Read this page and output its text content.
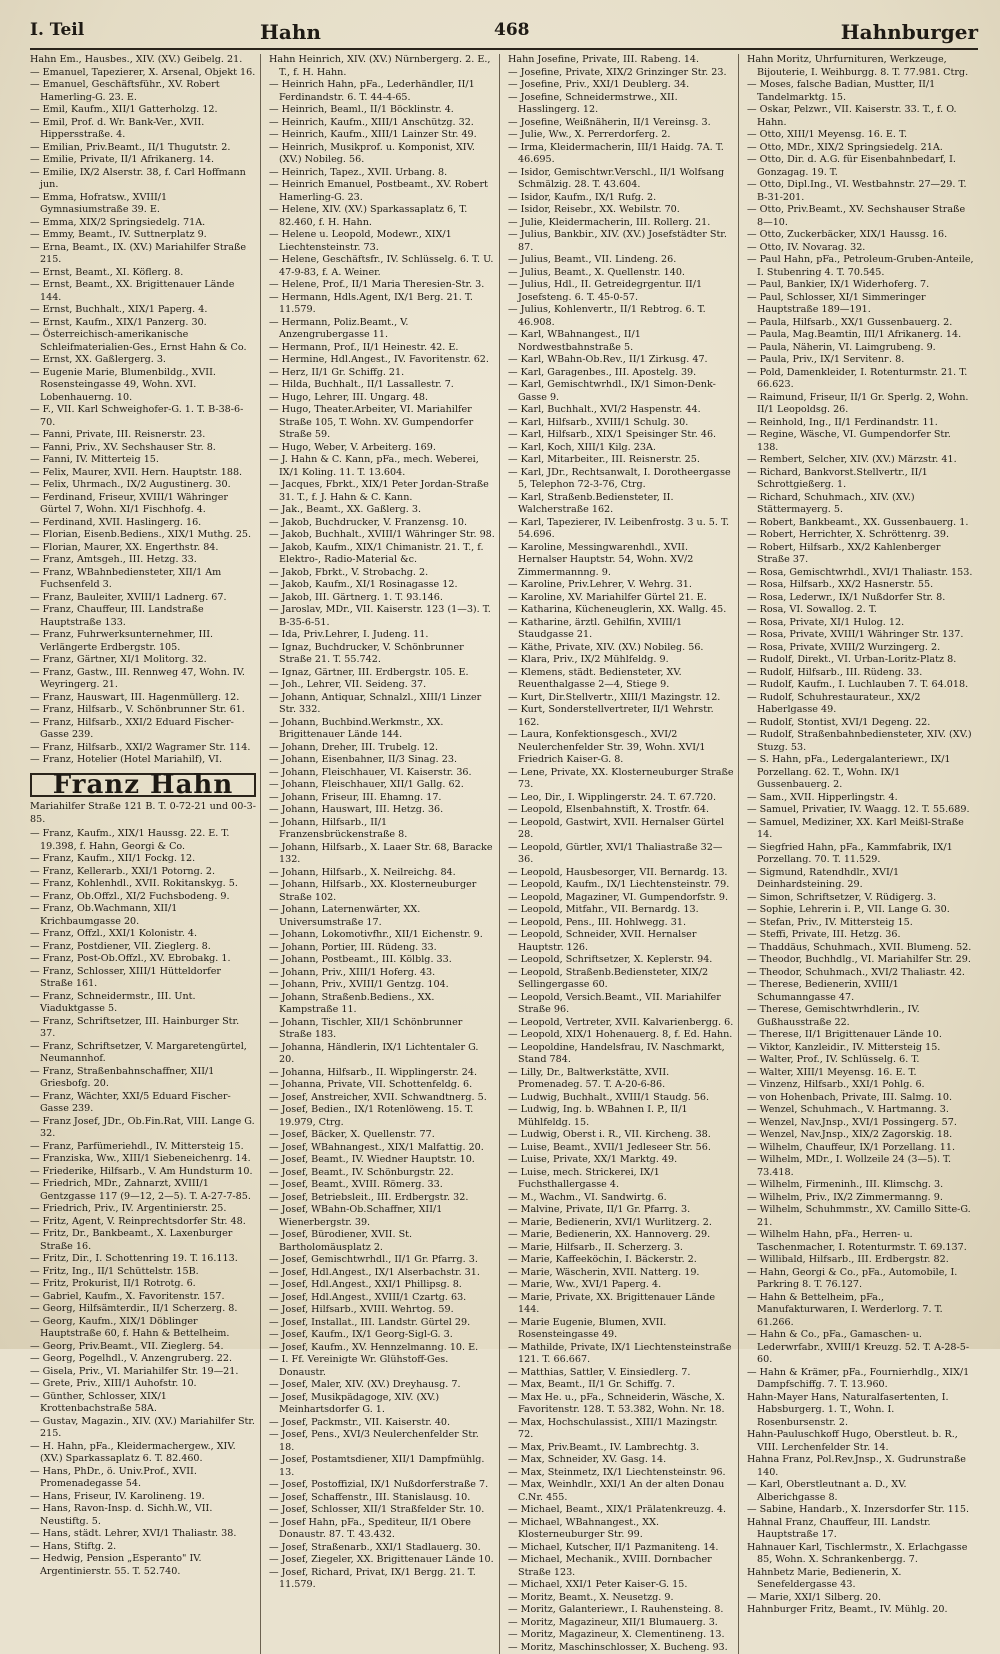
I. Teil	Hahn	468	Hahnburger

Hahn Em., Hausbes., XIV. (XV.) Geibelg. 21.

— Emanuel, Tapezierer, X. Arsenal, Objekt 16.

— Emanuel, Geschäftsführ., XV. Robert Hamerling-G. 23. E.

— Emil, Kaufm., XII/1 Gatterholzg. 12.

— Emil, Prof. d. Wr. Bank-Ver., XVII. Hippersstraße. 4.

— Emilian, Priv.Beamt., II/1 Thugutstr. 2.

— Emilie, Private, II/1 Afrikanerg. 14.

— Emilie, IX/2 Alserstr. 38, f. Carl Hoffmann jun.

— Emma, Hofratsw., XVIII/1 Gymnasiumstraße 39. E.

— Emma, XIX/2 Springsiedelg. 71A.

— Emmy, Beamt., IV. Suttnerplatz 9.

— Erna, Beamt., IX. (XV.) Mariahilfer Straße 215.

— Ernst, Beamt., XI. Köflerg. 8.

— Ernst, Beamt., XX. Brigittenauer Lände 144.

— Ernst, Buchhalt., XIX/1 Paperg. 4.

— Ernst, Kaufm., XIX/1 Panzerg. 30.

— Österreichisch-amerikanische Schleifmaterialien-Ges., Ernst Hahn & Co.

— Ernst, XX. Gaßlergerg. 3.

— Eugenie Marie, Blumenbildg., XVII. Rosensteingasse 49, Wohn. XVI. Lobenhauerng. 10.

— F., VII. Karl Schweighofer-G. 1. T. B-38-6-70.

— Fanni, Private, III. Reisnerstr. 23.

— Fanni, Priv., XV. Sechshauser Str. 8.

— Fanni, IV. Mitterteig 15.

— Felix, Maurer, XVII. Hern. Hauptstr. 188.

— Felix, Uhrmach., IX/2 Augustinerg. 30.

— Ferdinand, Friseur, XVIII/1 Währinger Gürtel 7, Wohn. XI/1 Fischhofg. 4.

— Ferdinand, XVII. Haslingerg. 16.

— Florian, Eisenb.Bediens., XIX/1 Muthg. 25.

— Florian, Maurer, XX. Engerthstr. 84.

— Franz, Amtsgeh., III. Hetzg. 33.

— Franz, WBahnbediensteter, XII/1 Am Fuchsenfeld 3.

— Franz, Bauleiter, XVIII/1 Ladnerg. 67.

— Franz, Chauffeur, III. Landstraße Hauptstraße 133.

— Franz, Fuhrwerksunternehmer, III. Verlängerte Erdbergstr. 105.

— Franz, Gärtner, XI/1 Molitorg. 32.

— Franz, Gastw., III. Rennweg 47, Wohn. IV. Weyringerg. 21.

— Franz, Hauswart, III. Hagenmüllerg. 12.

— Franz, Hilfsarb., V. Schönbrunner Str. 61.

— Franz, Hilfsarb., XXI/2 Eduard Fischer-Gasse 239.

— Franz, Hilfsarb., XXI/2 Wagramer Str. 114.

— Franz, Hotelier (Hotel Mariahilf), VI.

Franz Hahn
Mariahilfer Straße 121 B. T. 0-72-21 und 00-3-85.

— Franz, Kaufm., XIX/1 Haussg. 22. E. T. 19.398, f. Hahn, Georgi & Co.

— Franz, Kaufm., XII/1 Fockg. 12.

— Franz, Kellerarb., XXI/1 Potorng. 2.

— Franz, Kohlenhdl., XVII. Rokitanskyg. 5.

— Franz, Ob.Offzl., XI/2 Fuchsbodeng. 9.

— Franz, Ob.Wachmann, XII/1 Krichbaumgasse 20.

— Franz, Offzl., XXI/1 Kolonistr. 4.

— Franz, Postdiener, VII. Zieglerg. 8.

— Franz, Post-Ob.Offzl., XV. Ebrobakg. 1.

— Franz, Schlosser, XIII/1 Hütteldorfer Straße 161.

— Franz, Schneidermstr., III. Unt. Viaduktgasse 5.

— Franz, Schriftsetzer, III. Hainburger Str. 37.

— Franz, Schriftsetzer, V. Margaretengürtel, Neumannhof.

— Franz, Straßenbahnschaffner, XII/1 Griesbofg. 20.

— Franz, Wächter, XXI/5 Eduard Fischer-Gasse 239.

— Franz Josef, JDr., Ob.Fin.Rat, VIII. Lange G. 32.

— Franz, Parfümeriehdl., IV. Mittersteig 15.

— Franziska, Ww., XIII/1 Siebeneichenrg. 14.

— Friederike, Hilfsarb., V. Am Hundsturm 10.

— Friedrich, MDr., Zahnarzt, XVIII/1 Gentzgasse 117 (9—12, 2—5). T. A-27-7-85.

— Friedrich, Priv., IV. Argentinierstr. 25.

— Fritz, Agent, V. Reinprechtsdorfer Str. 48.

— Fritz, Dr., Bankbeamt., X. Laxenburger Straße 16.

— Fritz, Dir., I. Schottenring 19. T. 16.113.

— Fritz, Ing., II/1 Schüttelstr. 15B.

— Fritz, Prokurist, II/1 Rotrotg. 6.

— Gabriel, Kaufm., X. Favoritenstr. 157.

— Georg, Hilfsämterdir., II/1 Scherzerg. 8.

— Georg, Kaufm., XIX/1 Döblinger Hauptstraße 60, f. Hahn & Bettelheim.

— Georg, Priv.Beamt., VII. Zieglerg. 54.

— Georg, Pogelhdl., V. Anzengruberg. 22.

— Gisela, Priv., VI. Mariahilfer Str. 19—21.

— Grete, Priv., XIII/1 Auhofstr. 10.

— Günther, Schlosser, XIX/1 Krottenbachstraße 58A.

— Gustav, Magazin., XIV. (XV.) Mariahilfer Str. 215.

— H. Hahn, pFa., Kleidermachergew., XIV. (XV.) Sparkassaplatz 6. T. 82.460.

— Hans, PhDr., ö. Univ.Prof., XVII. Promenadegasse 54.

— Hans, Friseur, IV. Karolineng. 19.

— Hans, Ravon-Insp. d. Sichh.W., VII. Neustiftg. 5.

— Hans, städt. Lehrer, XVI/1 Thaliastr. 38.

— Hans, Stiftg. 2.

— Hedwig, Pension „Esperanto" IV. Argentinierstr. 55. T. 52.740.

Hahn Heinrich, XIV. (XV.) Nürnbergerg. 2. E., T., f. H. Hahn.

— Heinrich Hahn, pFa., Lederhändler, II/1 Ferdinandstr. 6. T. 44-4-65.

— Heinrich, Beaml., II/1 Böcklinstr. 4.

— Heinrich, Kaufm., XIII/1 Anschützg. 32.

— Heinrich, Kaufm., XIII/1 Lainzer Str. 49.

— Heinrich, Musikprof. u. Komponist, XIV. (XV.) Nobileg. 56.

— Heinrich, Tapez., XVII. Urbang. 8.

— Heinrich Emanuel, Postbeamt., XV. Robert Hamerling-G. 23.

— Helene, XIV. (XV.) Sparkassaplatz 6, T. 82.460, f. H. Hahn.

— Helene u. Leopold, Modewr., XIX/1 Liechtensteinstr. 73.

— Helene, Geschäftsfr., IV. Schlüsselg. 6. T. U. 47-9-83, f. A. Weiner.

— Helene, Prof., II/1 Maria Theresien-Str. 3.

— Hermann, Hdls.Agent, IX/1 Berg. 21. T. 11.579.

— Hermann, Poliz.Beamt., V. Anzengrubergasse 11.

— Hermann, Prof., II/1 Heinestr. 42. E.

— Hermine, Hdl.Angest., IV. Favoritenstr. 62.

— Herz, II/1 Gr. Schiffg. 21.

— Hilda, Buchhalt., II/1 Lassallestr. 7.

— Hugo, Lehrer, III. Ungarg. 48.

— Hugo, Theater.Arbeiter, VI. Mariahilfer Straße 105, T. Wohn. XV. Gumpendorfer Straße 59.

— Hugo, Weber, V. Arbeiterg. 169.

— J. Hahn & C. Kann, pFa., mech. Weberei, IX/1 Koling. 11. T. 13.604.

— Jacques, Fbrkt., XIX/1 Peter Jordan-Straße 31. T., f. J. Hahn & C. Kann.

— Jak., Beamt., XX. Gaßlerg. 3.

— Jakob, Buchdrucker, V. Franzensg. 10.

— Jakob, Buchhalt., XVIII/1 Währinger Str. 98.

— Jakob, Kaufm., XIX/1 Chimanistr. 21. T., f. Elektro-, Radio-Material &c.

— Jakob, Fbrkt., V. Strobachg. 2.

— Jakob, Kaufm., XI/1 Rosinagasse 12.

— Jakob, III. Gärtnerg. 1. T. 93.146.

— Jaroslav, MDr., VII. Kaiserstr. 123 (1—3). T. B-35-6-51.

— Ida, Priv.Lehrer, I. Judeng. 11.

— Ignaz, Buchdrucker, V. Schönbrunner Straße 21. T. 55.742.

— Ignaz, Gärtner, III. Erdbergstr. 105. E.

— Joh., Lehrer, VII. Seideng. 37.

— Johann, Antiquar, Schnalzl., XIII/1 Linzer Str. 332.

— Johann, Buchbind.Werkmstr., XX. Brigittenauer Lände 144.

— Johann, Dreher, III. Trubelg. 12.

— Johann, Eisenbahner, II/3 Sinag. 23.

— Johann, Fleischhauer, VI. Kaiserstr. 36.

— Johann, Fleischhauer, XII/1 Gallg. 62.

— Johann, Friseur, III. Ehamng. 17.

— Johann, Hauswart, III. Hetzg. 36.

— Johann, Hilfsarb., II/1 Franzensbrückenstraße 8.

— Johann, Hilfsarb., X. Laaer Str. 68, Baracke 132.

— Johann, Hilfsarb., X. Neilreichg. 84.

— Johann, Hilfsarb., XX. Klosterneuburger Straße 102.

— Johann, Laternenwärter, XX. Universumstraße 17.

— Johann, Lokomotivfhr., XII/1 Eichenstr. 9.

— Johann, Portier, III. Rüdeng. 33.

— Johann, Postbeamt., III. Kölblg. 33.

— Johann, Priv., XIII/1 Hoferg. 43.

— Johann, Priv., XVIII/1 Gentzg. 104.

— Johann, Straßenb.Bediens., XX. Kampstraße 11.

— Johann, Tischler, XII/1 Schönbrunner Straße 183.

— Johanna, Händlerin, IX/1 Lichtentaler G. 20.

— Johanna, Hilfsarb., II. Wipplingerstr. 24.

— Johanna, Private, VII. Schottenfeldg. 6.

— Josef, Anstreicher, XVII. Schwandtnerg. 5.

— Josef, Bedien., IX/1 Rotenlöweng. 15. T. 19.979, Ctrg.

— Josef, Bäcker, X. Quellenstr. 77.

— Josef, WBahnangest., XIX/1 Malfattig. 20.

— Josef, Beamt., IV. Wiedner Hauptstr. 10.

— Josef, Beamt., IV. Schönburgstr. 22.

— Josef, Beamt., XVIII. Römerg. 33.

— Josef, Betriebsleit., III. Erdbergstr. 32.

— Josef, WBahn-Ob.Schaffner, XII/1 Wienerbergstr. 39.

— Josef, Bürodiener, XVII. St. Bartholomäusplatz 2.

— Josef, Gemischtwrhdl., II/1 Gr. Pfarrg. 3.

— Josef, Hdl.Angest., IX/1 Alserbachstr. 31.

— Josef, Hdl.Angest., XXI/1 Phillipsg. 8.

— Josef, Hdl.Angest., XVIII/1 Czartg. 63.

— Josef, Hilfsarb., XVIII. Wehrtog. 59.

— Josef, Installat., III. Landstr. Gürtel 29.

— Josef, Kaufm., IX/1 Georg-Sigl-G. 3.

— Josef, Kaufm., XV. Hennzelmanng. 10. E.

— I. Ff. Vereinigte Wr. Glühstoff-Ges. Donaustr.

— Josef, Maler, XIV. (XV.) Dreyhausg. 7.

— Josef, Musikpädagoge, XIV. (XV.) Meinhartsdorfer G. 1.

— Josef, Packmstr., VII. Kaiserstr. 40.

— Josef, Pens., XVI/3 Neulerchenfelder Str. 18.

— Josef, Postamtsdiener, XII/1 Dampfmühlg. 13.

— Josef, Postoffizial, IX/1 Nußdorferstraße 7.

— Josef, Schaffenstr., III. Stanislausg. 10.

— Josef, Schlosser, XII/1 Straßfelder Str. 10.

— Josef Hahn, pFa., Spediteur, II/1 Obere Donaustr. 87. T. 43.432.

— Josef, Straßenarb., XXI/1 Stadlauerg. 30.

— Josef, Ziegeler, XX. Brigittenauer Lände 10.

— Josef, Richard, Privat, IX/1 Bergg. 21. T. 11.579.

Hahn Josefine, Private, III. Rabeng. 14.

— Josefine, Private, XIX/2 Grinzinger Str. 23.

— Josefine, Priv., XXI/1 Deublerg. 34.

— Josefine, Schneidermstrwe., XII. Hasslingerg. 12.

— Josefine, Weißnäherin, II/1 Vereinsg. 3.

— Julie, Ww., X. Perrerdorferg. 2.

— Irma, Kleidermacherin, III/1 Haidg. 7A. T. 46.695.

— Isidor, Gemischtwr.Verschl., II/1 Wolfsang Schmälzig. 28. T. 43.604.

— Isidor, Kaufm., IX/1 Rufg. 2.

— Isidor, Reisebr., XX. Webilstr. 70.

— Julie, Kleidermacherin, III. Rollerg. 21.

— Julius, Bankbir., XIV. (XV.) Josefstädter Str. 87.

— Julius, Beamt., VII. Lindeng. 26.

— Julius, Beamt., X. Quellenstr. 140.

— Julius, Hdl., II. Getreidegrgentur. II/1 Josefsteng. 6. T. 45-0-57.

— Julius, Kohlenvertr., II/1 Rebtrog. 6. T. 46.908.

— Karl, WBahnangest., II/1 Nordwestbahnstraße 5.

— Karl, WBahn-Ob.Rev., II/1 Zirkusg. 47.

— Karl, Garagenbes., III. Apostelg. 39.

— Karl, Gemischtwrhdl., IX/1 Simon-Denk-Gasse 9.

— Karl, Buchhalt., XVI/2 Haspenstr. 44.

— Karl, Hilfsarb., XVIII/1 Schulg. 30.

— Karl, Hilfsarb., XIX/1 Speisinger Str. 46.

— Karl, Koch, XIII/1 Kilg. 23A.

— Karl, Mitarbeiter., III. Reisnerstr. 25.

— Karl, JDr., Rechtsanwalt, I. Dorotheergasse 5, Telephon 72-3-76, Ctrg.

— Karl, Straßenb.Bediensteter, II. Walcherstraße 162.

— Karl, Tapezierer, IV. Leibenfrostg. 3 u. 5. T. 54.696.

— Karoline, Messingwarenhdl., XVII. Hernalser Hauptstr. 54, Wohn. XV/2 Zimmermannng. 9.

— Karoline, Priv.Lehrer, V. Wehrg. 31.

— Karoline, XV. Mariahilfer Gürtel 21. E.

— Katharina, Kücheneuglerin, XX. Wallg. 45.

— Katharine, ärztl. Gehilfin, XVIII/1 Staudgasse 21.

— Käthe, Private, XIV. (XV.) Nobileg. 56.

— Klara, Priv., IX/2 Mühlfeldg. 9.

— Klemens, städt. Bediensteter, XV. Reuenthalgasse 2—4, Stiege 9.

— Kurt, Dir.Stellvertr., XIII/1 Mazingstr. 12.

— Kurt, Sonderstellvertreter, II/1 Wehrstr. 162.

— Laura, Konfektionsgesch., XVI/2 Neulerchenfelder Str. 39, Wohn. XVI/1 Friedrich Kaiser-G. 8.

— Lene, Private, XX. Klosterneuburger Straße 73.

— Leo, Dir., I. Wipplingerstr. 24. T. 67.720.

— Leopold, Elsenbahnstift, X. Trostfr. 64.

— Leopold, Gastwirt, XVII. Hernalser Gürtel 28.

— Leopold, Gürtler, XVI/1 Thaliastraße 32—36.

— Leopold, Hausbesorger, VII. Bernardg. 13.

— Leopold, Kaufm., IX/1 Liechtensteinstr. 79.

— Leopold, Magaziner, VI. Gumpendorfstr. 9.

— Leopold, Mitfahr., VII. Bernardg. 13.

— Leopold, Pens., III. Hohlwegg. 31.

— Leopold, Schneider, XVII. Hernalser Hauptstr. 126.

— Leopold, Schriftsetzer, X. Keplerstr. 94.

— Leopold, Straßenb.Bediensteter, XIX/2 Sellingergasse 60.

— Leopold, Versich.Beamt., VII. Mariahilfer Straße 96.

— Leopold, Vertreter, XVII. Kalvarienbergg. 6.

— Leopold, XIX/1 Hohenauerg. 8, f. Ed. Hahn.

— Leopoldine, Handelsfrau, IV. Naschmarkt, Stand 784.

— Lilly, Dr., Baltwerkstätte, XVII. Promenadeg. 57. T. A-20-6-86.

— Ludwig, Buchhalt., XVIII/1 Staudg. 56.

— Ludwig, Ing. b. WBahnen I. P., II/1 Mühlfeldg. 15.

— Ludwig, Oberst i. R., VII. Kircheng. 38.

— Luise, Beamt., XVII/1 Jedleseer Str. 56.

— Luise, Private, XX/1 Marktg. 49.

— Luise, mech. Strickerei, IX/1 Fuchsthallergasse 4.

— M., Wachm., VI. Sandwirtg. 6.

— Malvine, Private, II/1 Gr. Pfarrg. 3.

— Marie, Bedienerin, XVI/1 Wurlitzerg. 2.

— Marie, Bedienerin, XX. Hannoverg. 29.

— Marie, Hilfsarb., II. Scherzerg. 3.

— Marie, Kaffeeköchin, I. Bäckerstr. 2.

— Marie, Wäscherin, XVII. Natterg. 19.

— Marie, Ww., XVI/1 Paperg. 4.

— Marie, Private, XX. Brigittenauer Lände 144.

— Marie Eugenie, Blumen, XVII. Rosensteingasse 49.

— Mathilde, Private, IX/1 Liechtensteinstraße 121. T. 66.667.

— Matthias, Sattler, V. Einsiedlerg. 7.

— Max, Beamt., II/1 Gr. Schiffg. 7.

— Max He. u., pFa., Schneiderin, Wäsche, X. Favoritenstr. 128. T. 53.382, Wohn. Nr. 18.

— Max, Hochschulassist., XIII/1 Mazingstr. 72.

— Max, Priv.Beamt., IV. Lambrechtg. 3.

— Max, Schneider, XV. Gasg. 14.

— Max, Steinmetz, IX/1 Liechtensteinstr. 96.

— Max, Weinhdlr., XXI/1 An der alten Donau C.Nr. 455.

— Michael, Beamt., XIX/1 Prälatenkreuzg. 4.

— Michael, WBahnangest., XX. Klosterneuburger Str. 99.

— Michael, Kutscher, II/1 Pazmaniteng. 14.

— Michael, Mechanik., XVIII. Dornbacher Straße 123.

— Michael, XXI/1 Peter Kaiser-G. 15.

— Moritz, Beamt., X. Neusetzg. 9.

— Moritz, Galanteriewr., I. Rauhensteing. 8.

— Moritz, Magazineur, XII/1 Blumauerg. 3.

— Moritz, Magazineur, X. Clementineng. 13.

— Moritz, Maschinschlosser, X. Bucheng. 93.

Hahn Moritz, Uhrfurnituren, Werkzeuge, Bijouterie, I. Weihburgg. 8. T. 77.981. Ctrg.

— Moses, falsche Badian, Mustter, II/1 Tandelmarktg. 15.

— Oskar, Pelzwr., VII. Kaiserstr. 33. T., f. O. Hahn.

— Otto, XIII/1 Meyensg. 16. E. T.

— Otto, MDr., XIX/2 Springsiedelg. 21A.

— Otto, Dir. d. A.G. für Eisenbahnbedarf, I. Gonzagag. 19. T.

— Otto, Dipl.Ing., VI. Westbahnstr. 27—29. T. B-31-201.

— Otto, Priv.Beamt., XV. Sechshauser Straße 8—10.

— Otto, Zuckerbäcker, XIX/1 Haussg. 16.

— Otto, IV. Novarag. 32.

— Paul Hahn, pFa., Petroleum-Gruben-Anteile, I. Stubenring 4. T. 70.545.

— Paul, Bankier, IX/1 Widerhoferg. 7.

— Paul, Schlosser, XI/1 Simmeringer Hauptstraße 189—191.

— Paula, Hilfsarb., XX/1 Gussenbauerg. 2.

— Paula, Mag.Beamtin, III/1 Afrikanerg. 14.

— Paula, Näherin, VI. Laimgrubeng. 9.

— Paula, Priv., IX/1 Servitenг. 8.

— Pold, Damenkleider, I. Rotenturmstr. 21. T. 66.623.

— Raimund, Friseur, II/1 Gr. Sperlg. 2, Wohn. II/1 Leopoldsg. 26.

— Reinhold, Ing., II/1 Ferdinandstr. 11.

— Regine, Wäsche, VI. Gumpendorfer Str. 138.

— Rembert, Selcher, XIV. (XV.) Märzstr. 41.

— Richard, Bankvorst.Stellvertr., II/1 Schrottgießerg. 1.

— Richard, Schuhmach., XIV. (XV.) Stättermayerg. 5.

— Robert, Bankbeamt., XX. Gussenbauerg. 1.

— Robert, Herrichter, X. Schröttenrg. 39.

— Robert, Hilfsarb., XX/2 Kahlenberger Straße 37.

— Rosa, Gemischtwrhdl., XVI/1 Thaliastr. 153.

— Rosa, Hilfsarb., XX/2 Hasnerstr. 55.

— Rosa, Lederwr., IX/1 Nußdorfer Str. 8.

— Rosa, VI. Sowallog. 2. T.

— Rosa, Private, XI/1 Hulog. 12.

— Rosa, Private, XVIII/1 Währinger Str. 137.

— Rosa, Private, XVIII/2 Wurzingerg. 2.

— Rudolf, Direkt., VI. Urban-Loritz-Platz 8.

— Rudolf, Hilfsarb., III. Rüdeng. 33.

— Rudolf, Kaufm., I. Luchlauben 7. T. 64.018.

— Rudolf, Schuhrestaurateur., XX/2 Haberlgasse 49.

— Rudolf, Stontist, XVI/1 Degeng. 22.

— Rudolf, Straßenbahnbediensteter, XIV. (XV.) Stuzg. 53.

— S. Hahn, pFa., Ledergalanteriewr., IX/1 Porzellang. 62. T., Wohn. IX/1 Gussenbauerg. 2.

— Sam., XVII. Hipperlingstr. 4.

— Samuel, Privatier, IV. Waagg. 12. T. 55.689.

— Samuel, Mediziner, XX. Karl Meißl-Straße 14.

— Siegfried Hahn, pFa., Kammfabrik, IX/1 Porzellang. 70. T. 11.529.

— Sigmund, Ratendhdlr., XVI/1 Deinhardsteining. 29.

— Simon, Schriftsetzer, V. Rüdigerg. 3.

— Sophie, Lehrerin i. P., VII. Lange G. 30.

— Stefan, Priv., IV. Mittersteig 15.

— Steffi, Private, III. Hetzg. 36.

— Thaddäus, Schuhmach., XVII. Blumeng. 52.

— Theodor, Buchhdlg., VI. Mariahilfer Str. 29.

— Theodor, Schuhmach., XVI/2 Thaliastr. 42.

— Therese, Bedienerin, XVIII/1 Schumanngasse 47.

— Therese, Gemischtwrhdlerin., IV. Gußhausstraße 22.

— Therese, II/1 Brigittenauer Lände 10.

— Viktor, Kanzleidir., IV. Mittersteig 15.

— Walter, Prof., IV. Schlüsselg. 6. T.

— Walter, XIII/1 Meyensg. 16. E. T.

— Vinzenz, Hilfsarb., XXI/1 Pohlg. 6.

— von Hohenbach, Private, III. Salmg. 10.

— Wenzel, Schuhmach., V. Hartmanng. 3.

— Wenzel, Nav.Jnsp., XVI/1 Possingerg. 57.

— Wenzel, Nav.Jnsp., XIX/2 Zagorskig. 18.

— Wilhelm, Chauffeur, IX/1 Porzellang. 11.

— Wilhelm, MDr., I. Wollzeile 24 (3—5). T. 73.418.

— Wilhelm, Firmeninh., III. Klimschg. 3.

— Wilhelm, Priv., IX/2 Zimmermanng. 9.

— Wilhelm, Schuhmmstr., XV. Camillo Sitte-G. 21.

— Wilhelm Hahn, pFa., Herren- u. Taschenmacher, I. Rotenturmstr. T. 69.137.

— Willibald, Hilfsarb., III. Erdbergstr. 82.

— Hahn, Georgi & Co., pFa., Automobile, I. Parkring 8. T. 76.127.

— Hahn & Bettelheim, pFa., Manufakturwaren, I. Werderlorg. 7. T. 61.266.

— Hahn & Co., pFa., Gamaschen- u. Lederwrfabr., XVIII/1 Kreuzg. 52. T. A-28-5-60.

— Hahn & Krämer, pFa., Fournierhdlg., XIX/1 Dampfschiffg. 7. T. 13.960.

Hahn-Mayer Hans, Naturalfasertenten, I. Habsburgerg. 1. T., Wohn. I. Rosenbursenstr. 2.

Hahn-Pauluschkoff Hugo, Oberstleut. b. R., VIII. Lerchenfelder Str. 14.

Hahna Franz, Pol.Rev.Jnsp., X. Gudrunstraße 140.

— Karl, Oberstleutnant a. D., XV. Alberichgasse 8.

— Sabine, Handarb., X. Inzersdorfer Str. 115.

Hahnal Franz, Chauffeur, III. Landstr. Hauptstraße 17.

Hahnauer Karl, Tischlermstr., X. Erlachgasse 85, Wohn. X. Schrankenbergg. 7.

Hahnbetz Marie, Bedienerin, X. Senefeldergasse 43.

— Marie, XXI/1 Silberg. 20.

Hahnburger Fritz, Beamt., IV. Mühlg. 20.
